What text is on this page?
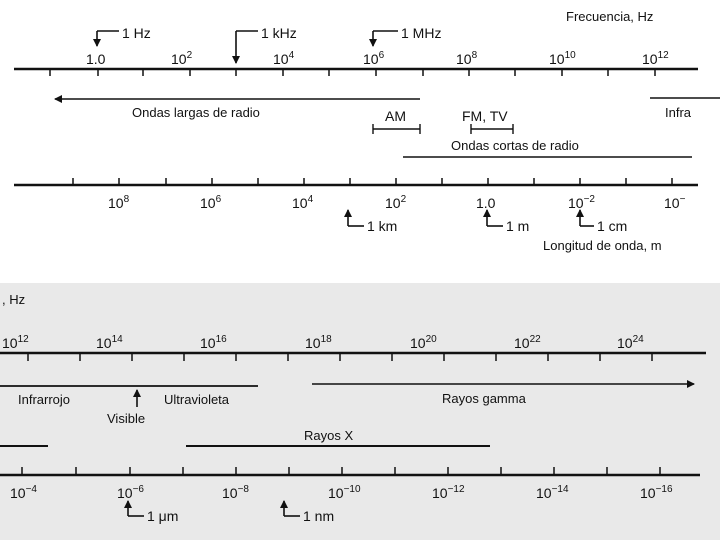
Frecuencia, Hz
1 Hz	1 kHz	1 MHz
1.0	$10^2$	$10^4$	$10^6$	$10^8$	$10^{10}$	$10^{12}$
Ondas largas de radio	AM	FM, TV
Ondas cortas de radio
Infra
$10^8$	$10^6$	$10^4$	$10^2$	1.0	$10^{-2}$	10−
1 km	1 m	1 cm
Longitud de onda, m
, Hz
$10^{12}$	$10^{14}$	$10^{16}$	$10^{18}$	$10^{20}$	$10^{22}$	$10^{24}$
Infrarrojo	Ultravioleta
Visible
Rayos gamma
Rayos X
$10^{-4}$	$10^{-6}$	$10^{-8}$	$10^{-10}$	$10^{-12}$	$10^{-14}$	$10^{-16}$
1 μm	1 nm
